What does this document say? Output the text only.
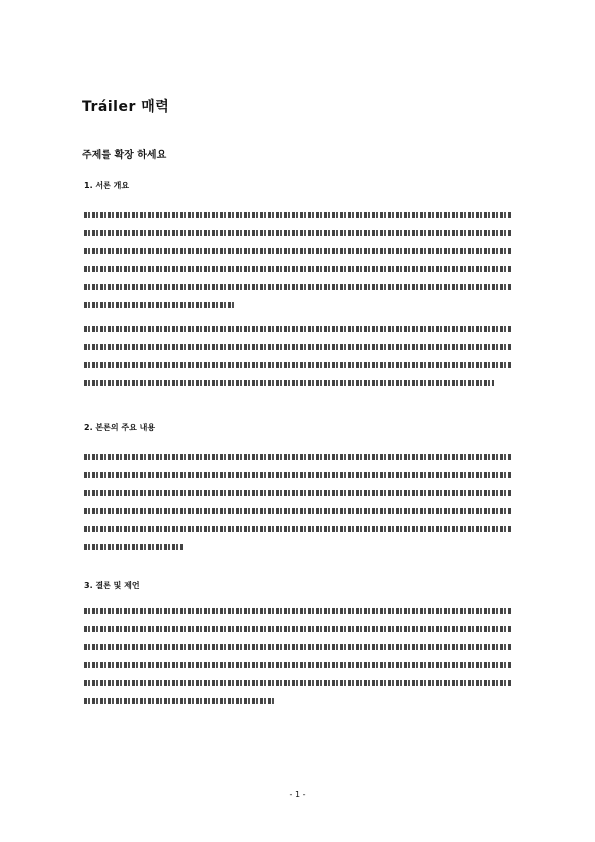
Tráiler 매력
주제를 확장 하세요
1. 서론 개요
2. 본론의 주요 내용
3. 결론 및 제언
- 1 -
